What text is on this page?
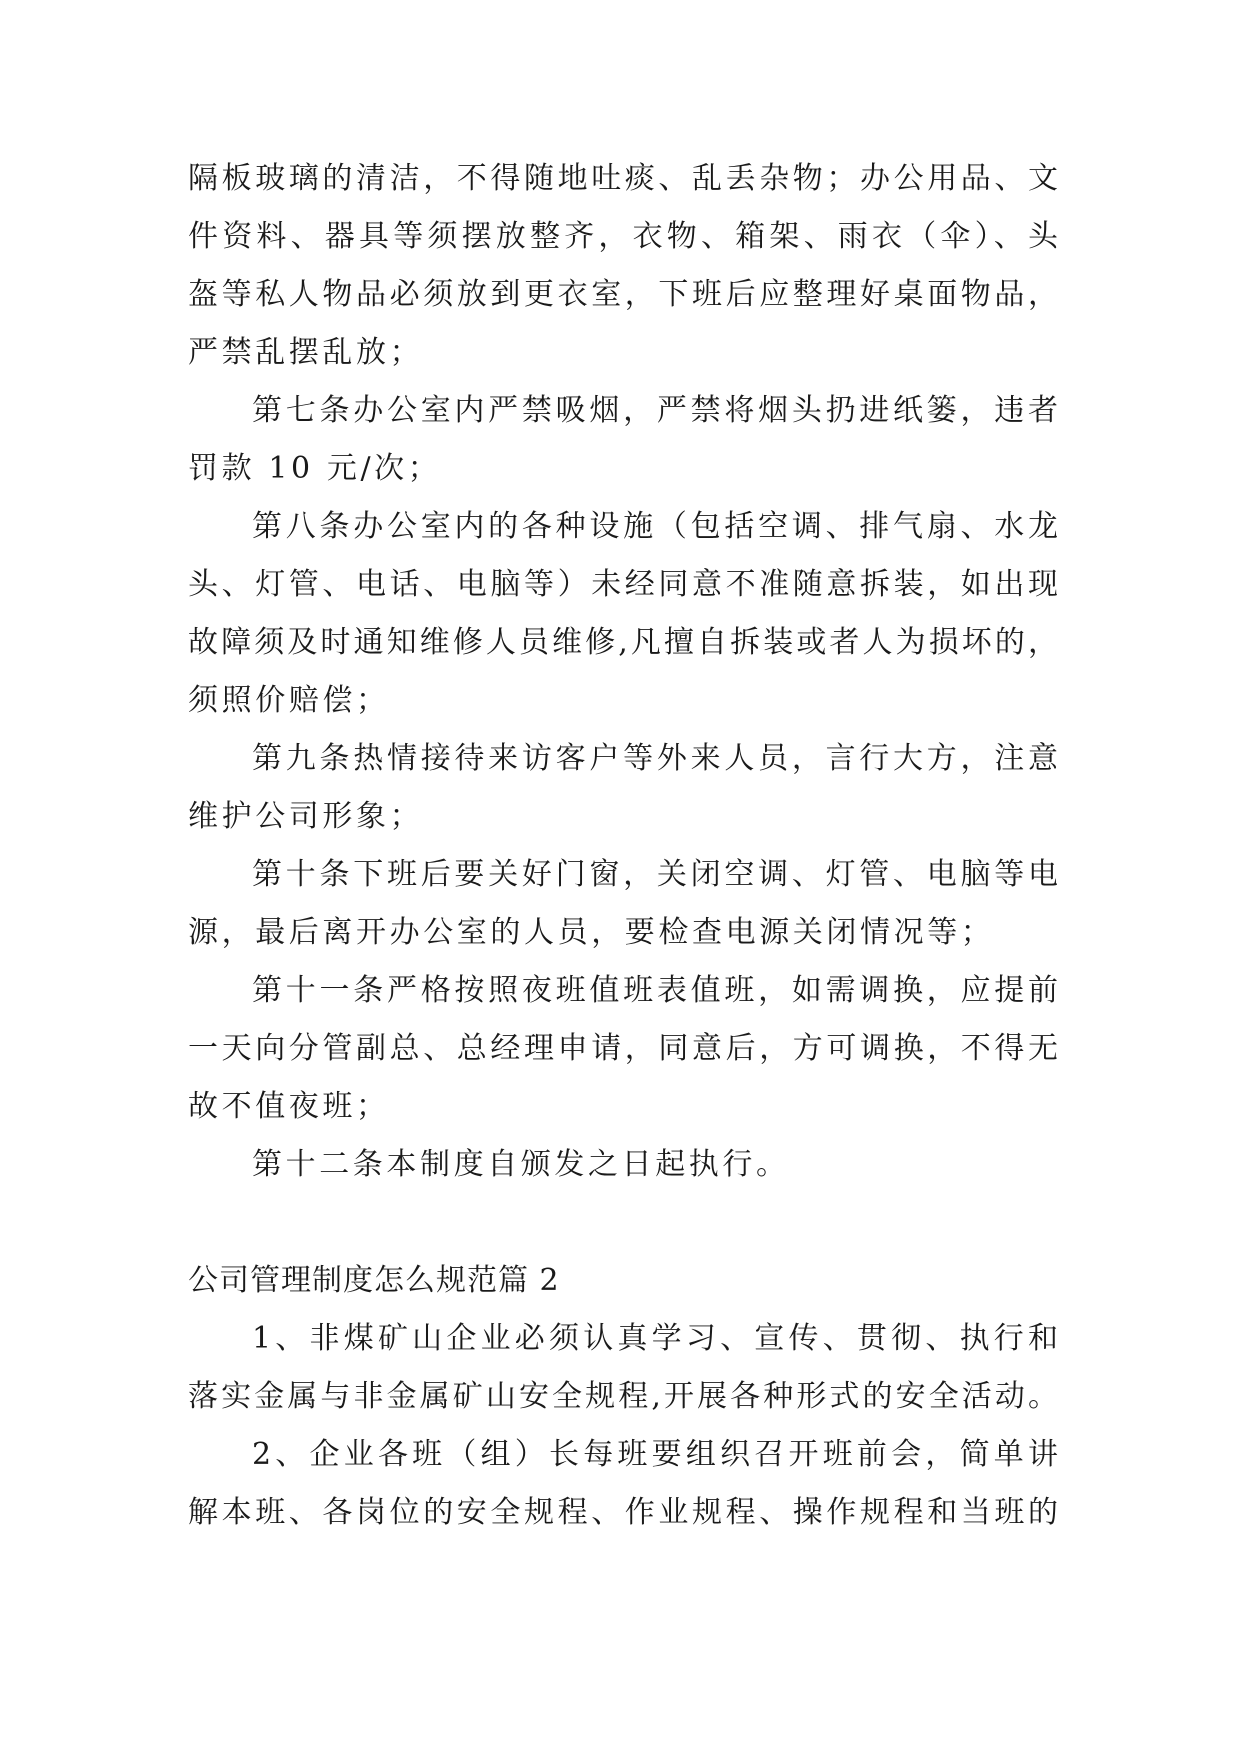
隔板玻璃的清洁，不得随地吐痰、乱丢杂物；办公用品、文
件资料、器具等须摆放整齐，衣物、箱架、雨衣（伞）、头
盔等私人物品必须放到更衣室，下班后应整理好桌面物品，
严禁乱摆乱放；
第七条办公室内严禁吸烟，严禁将烟头扔进纸篓，违者
罚款 10 元/次；
第八条办公室内的各种设施（包括空调、排气扇、水龙
头、灯管、电话、电脑等）未经同意不准随意拆装，如出现
故障须及时通知维修人员维修,凡擅自拆装或者人为损坏的，
须照价赔偿；
第九条热情接待来访客户等外来人员，言行大方，注意
维护公司形象；
第十条下班后要关好门窗，关闭空调、灯管、电脑等电
源，最后离开办公室的人员，要检查电源关闭情况等；
第十一条严格按照夜班值班表值班，如需调换，应提前
一天向分管副总、总经理申请，同意后，方可调换，不得无
故不值夜班；
第十二条本制度自颁发之日起执行。
公司管理制度怎么规范篇 2
1、非煤矿山企业必须认真学习、宣传、贯彻、执行和
落实金属与非金属矿山安全规程,开展各种形式的安全活动。
2、企业各班（组）长每班要组织召开班前会，简单讲
解本班、各岗位的安全规程、作业规程、操作规程和当班的
